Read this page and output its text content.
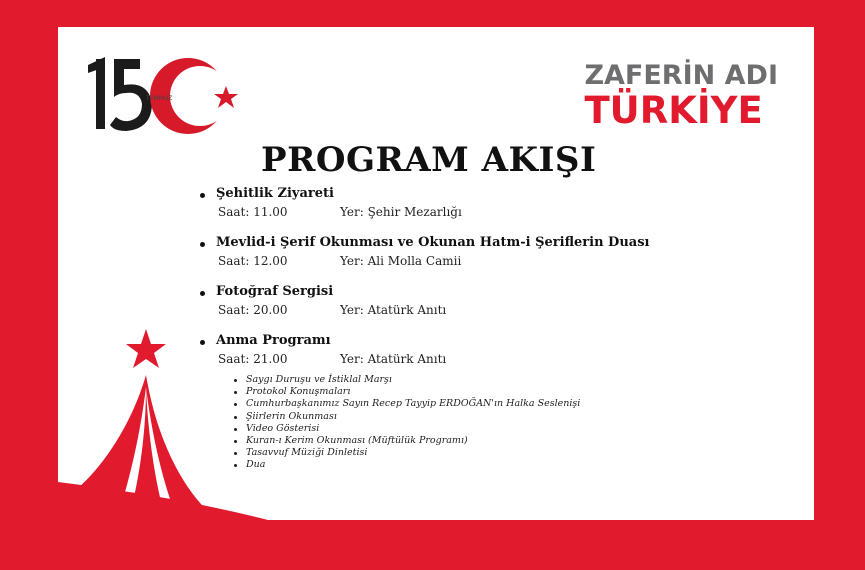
TEMMUZ
ZAFERİN ADI
TÜRKİYE
PROGRAM AKIŞI
Şehitlik Ziyareti
Saat: 11.00	Yer: Şehir Mezarlığı
Mevlid-i Şerif Okunması ve Okunan Hatm-i Şeriflerin Duası
Saat: 12.00	Yer: Ali Molla Camii
Fotoğraf Sergisi
Saat: 20.00	Yer: Atatürk Anıtı
Anma Programı
Saat: 21.00	Yer: Atatürk Anıtı
Saygı Duruşu ve İstiklal Marşı
Protokol Konuşmaları
Cumhurbaşkanımız Sayın Recep Tayyip ERDOĞAN'ın Halka Seslenişi
Şiirlerin Okunması
Video Gösterisi
Kuran-ı Kerim Okunması (Müftülük Programı)
Tasavvuf Müziği Dinletisi
Dua
